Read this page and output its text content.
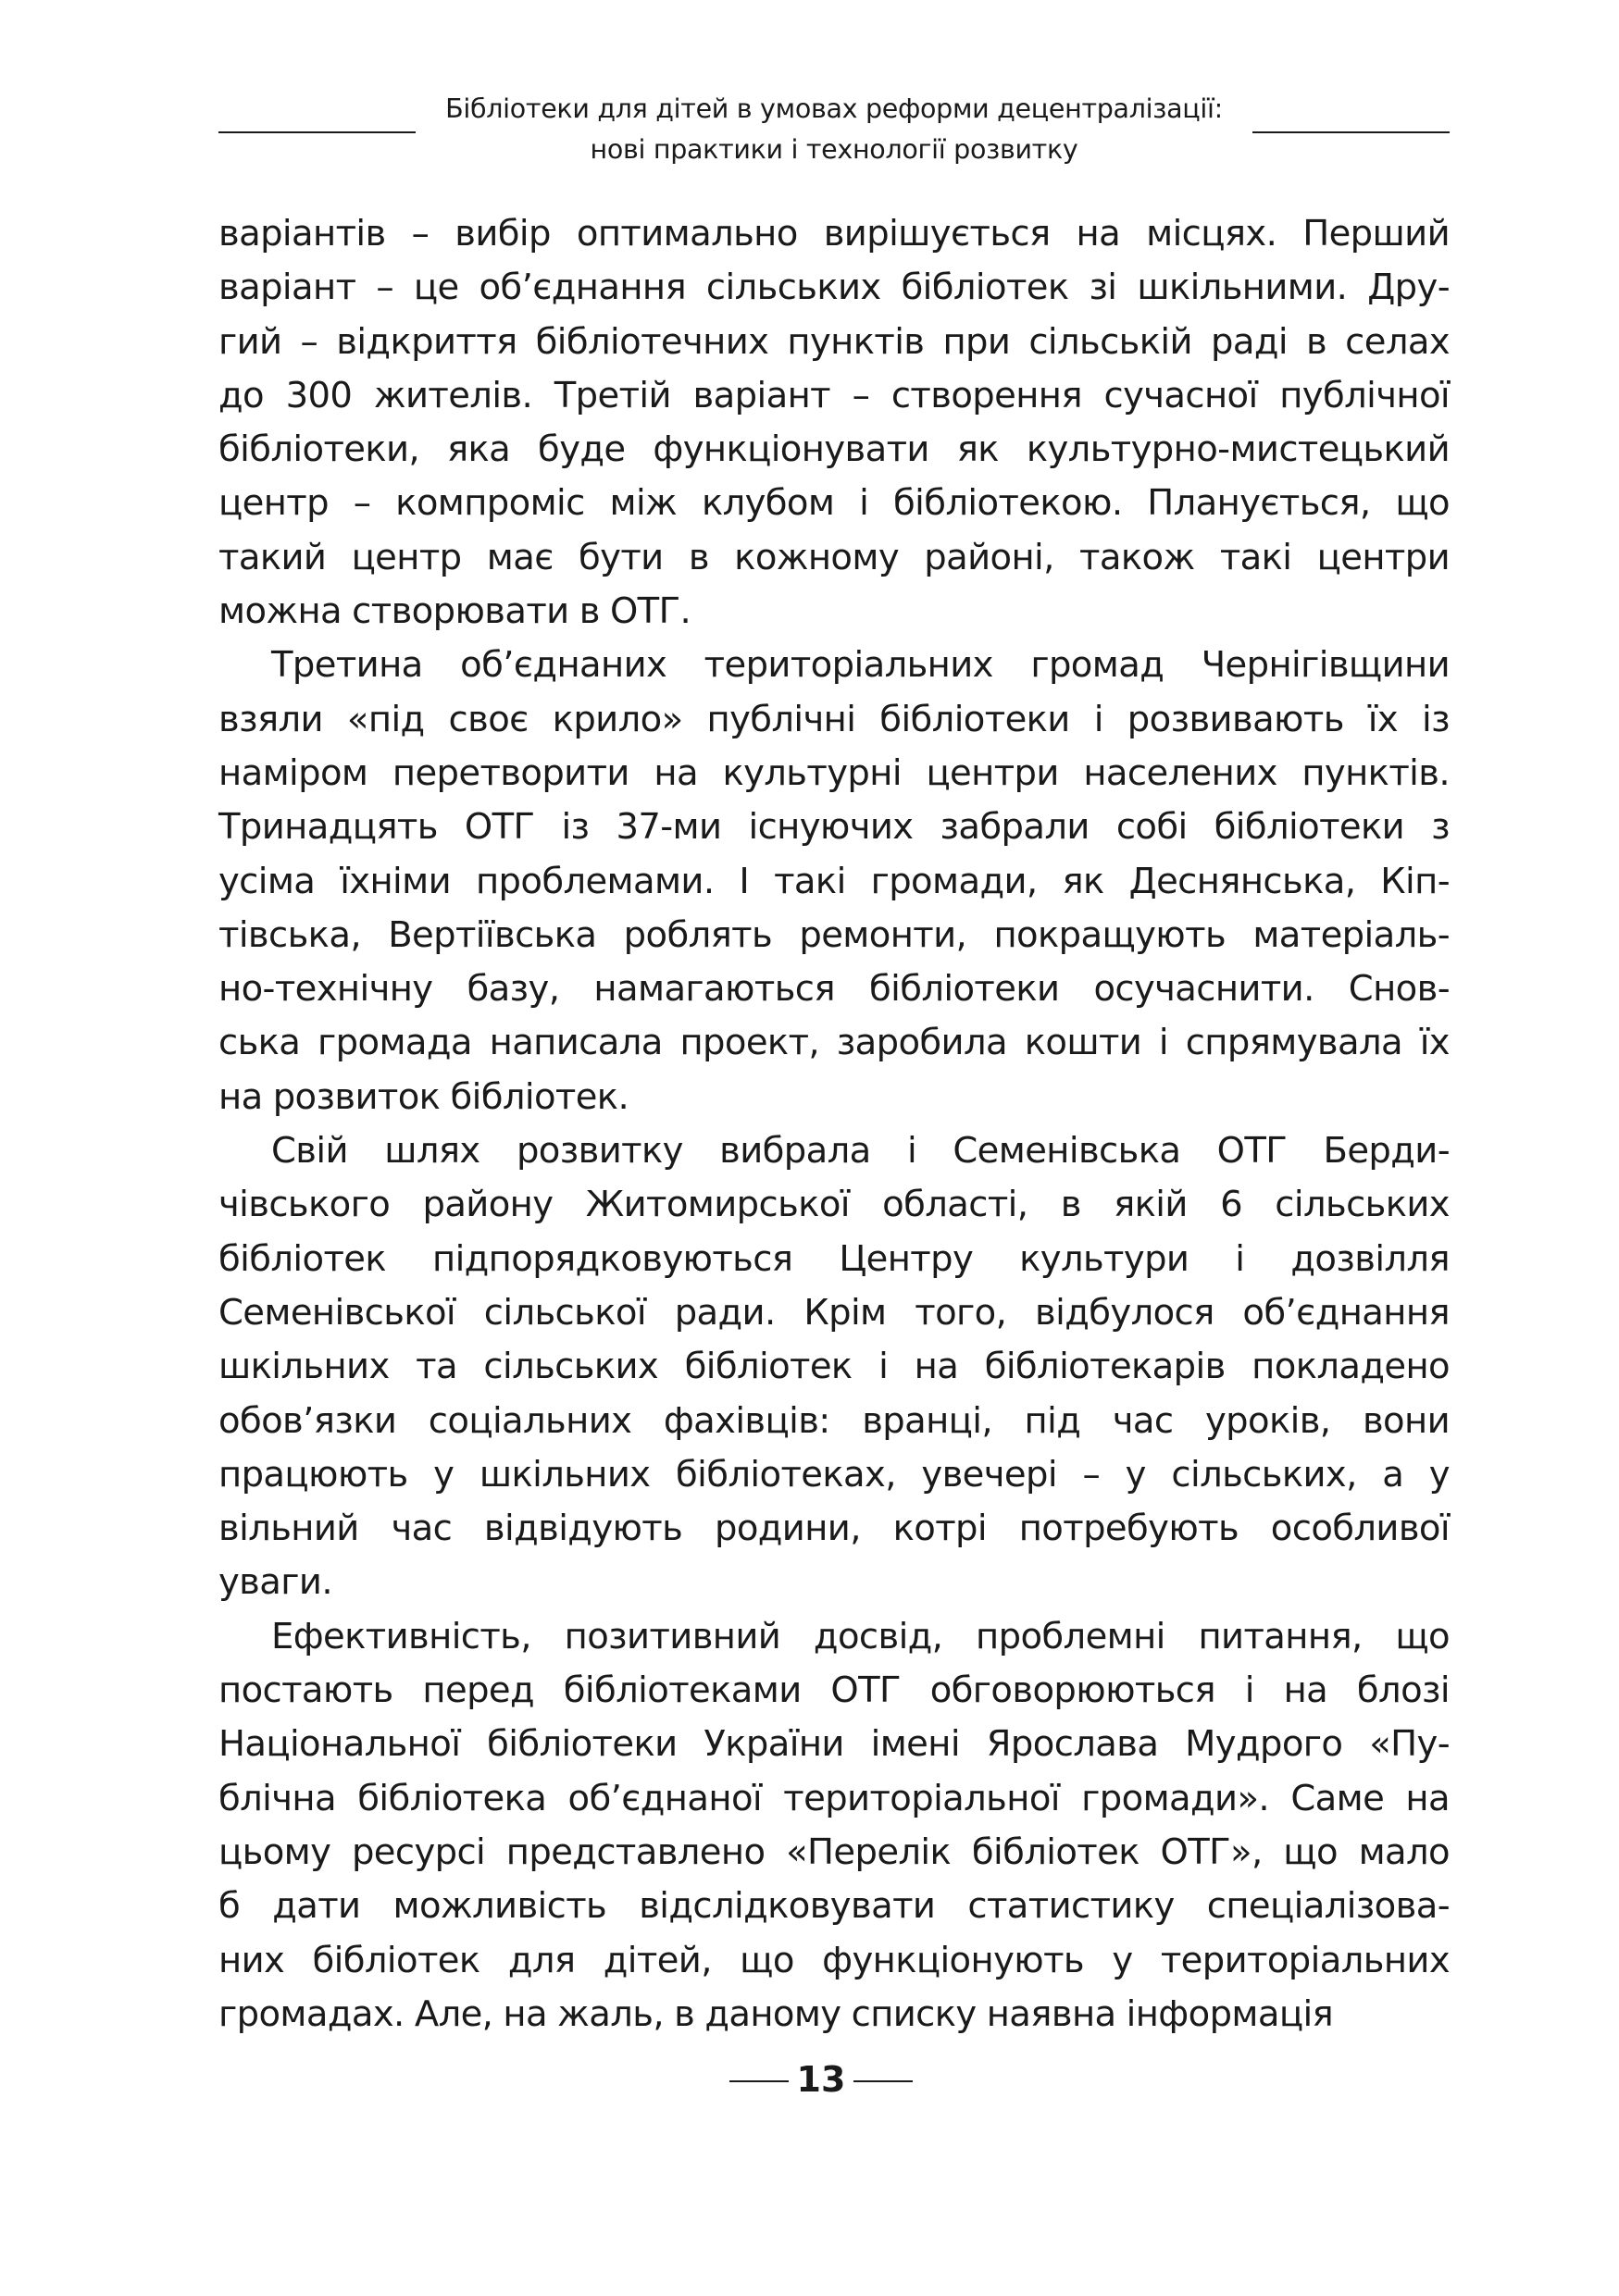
Бібліотеки для дітей в умовах реформи децентралізації:
нові практики і технології розвитку
варіантів – вибір оптимально вирішується на місцях. Перший
варіант – це об’єднання сільських бібліотек зі шкільними. Дру-
гий – відкриття бібліотечних пунктів при сільській раді в селах
до 300 жителів. Третій варіант – створення сучасної публічної
бібліотеки, яка буде функціонувати як культурно-мистецький
центр – компроміс між клубом і бібліотекою. Планується, що
такий центр має бути в кожному районі, також такі центри
можна створювати в ОТГ.
Третина об’єднаних територіальних громад Чернігівщини
взяли «під своє крило» публічні бібліотеки і розвивають їх із
наміром перетворити на культурні центри населених пунктів.
Тринадцять ОТГ із 37-ми існуючих забрали собі бібліотеки з
усіма їхніми проблемами. І такі громади, як Деснянська, Кіп-
тівська, Вертіївська роблять ремонти, покращують матеріаль-
но-технічну базу, намагаються бібліотеки осучаснити. Снов-
ська громада написала проект, заробила кошти і спрямувала їх
на розвиток бібліотек.
Свій шлях розвитку вибрала і Семенівська ОТГ Берди-
чівського району Житомирської області, в якій 6 сільських
бібліотек підпорядковуються Центру культури і дозвілля
Семенівської сільської ради. Крім того, відбулося об’єднання
шкільних та сільських бібліотек і на бібліотекарів покладено
обов’язки соціальних фахівців: вранці, під час уроків, вони
працюють у шкільних бібліотеках, увечері – у сільських, а у
вільний час відвідують родини, котрі потребують особливої
уваги.
Ефективність, позитивний досвід, проблемні питання, що
постають перед бібліотеками ОТГ обговорюються і на блозі
Національної бібліотеки України імені Ярослава Мудрого «Пу-
блічна бібліотека об’єднаної територіальної громади». Саме на
цьому ресурсі представлено «Перелік бібліотек ОТГ», що мало
б дати можливість відслідковувати статистику спеціалізова-
них бібліотек для дітей, що функціонують у територіальних
громадах. Але, на жаль, в даному списку наявна інформація
13
